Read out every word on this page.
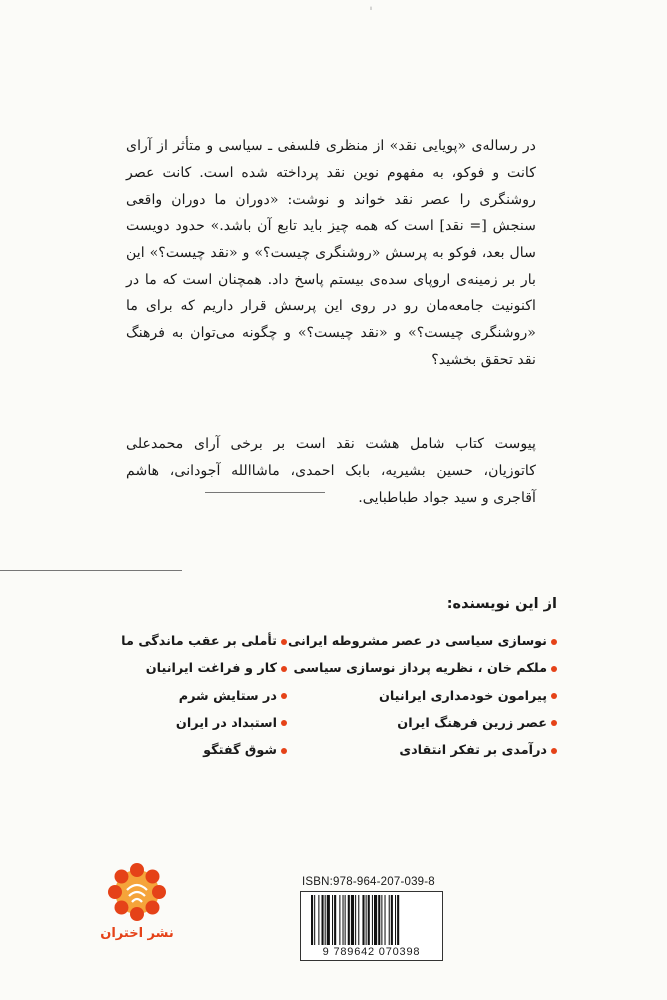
در رساله‌ی «پویایی نقد» از منظری فلسفی ـ سیاسی و متأثر از آرای کانت و فوکو، به مفهوم نوین نقد پرداخته شده است. کانت عصر روشنگری را عصر نقد خواند و نوشت: «دوران ما دوران واقعی سنجش [= نقد] است که همه چیز باید تابع آن باشد.» حدود دویست سال بعد، فوکو به پرسش «روشنگری چیست؟» و «نقد چیست؟» این بار بر زمینه‌ی اروپای سده‌ی بیستم پاسخ داد. همچنان است که ما در اکنونیت جامعه‌مان رو در روی این پرسش قرار داریم که برای ما «روشنگری چیست؟» و «نقد چیست؟» و چگونه می‌توان به فرهنگ نقد تحقق بخشید؟

پیوست کتاب شامل هشت نقد است بر برخی آرای محمدعلی کاتوزیان، حسین بشیریه، بابک احمدی، ماشاالله آجودانی، هاشم آقاجری و سید جواد طباطبایی.

از این نویسنده:
نوسازی سیاسی در عصر مشروطه ایرانی
ملکم خان ، نظریه پرداز نوسازی سیاسی
پیرامون خودمداری ایرانیان
عصر زرین فرهنگ ایران
درآمدی بر تفکر انتقادی
تأملی بر عقب ماندگی ما
کار و فراغت ایرانیان
در ستایش شرم
استبداد در ایران
شوق گفتگو
نشر اختران
ISBN:978-964-207-039-8
9 789642 070398
